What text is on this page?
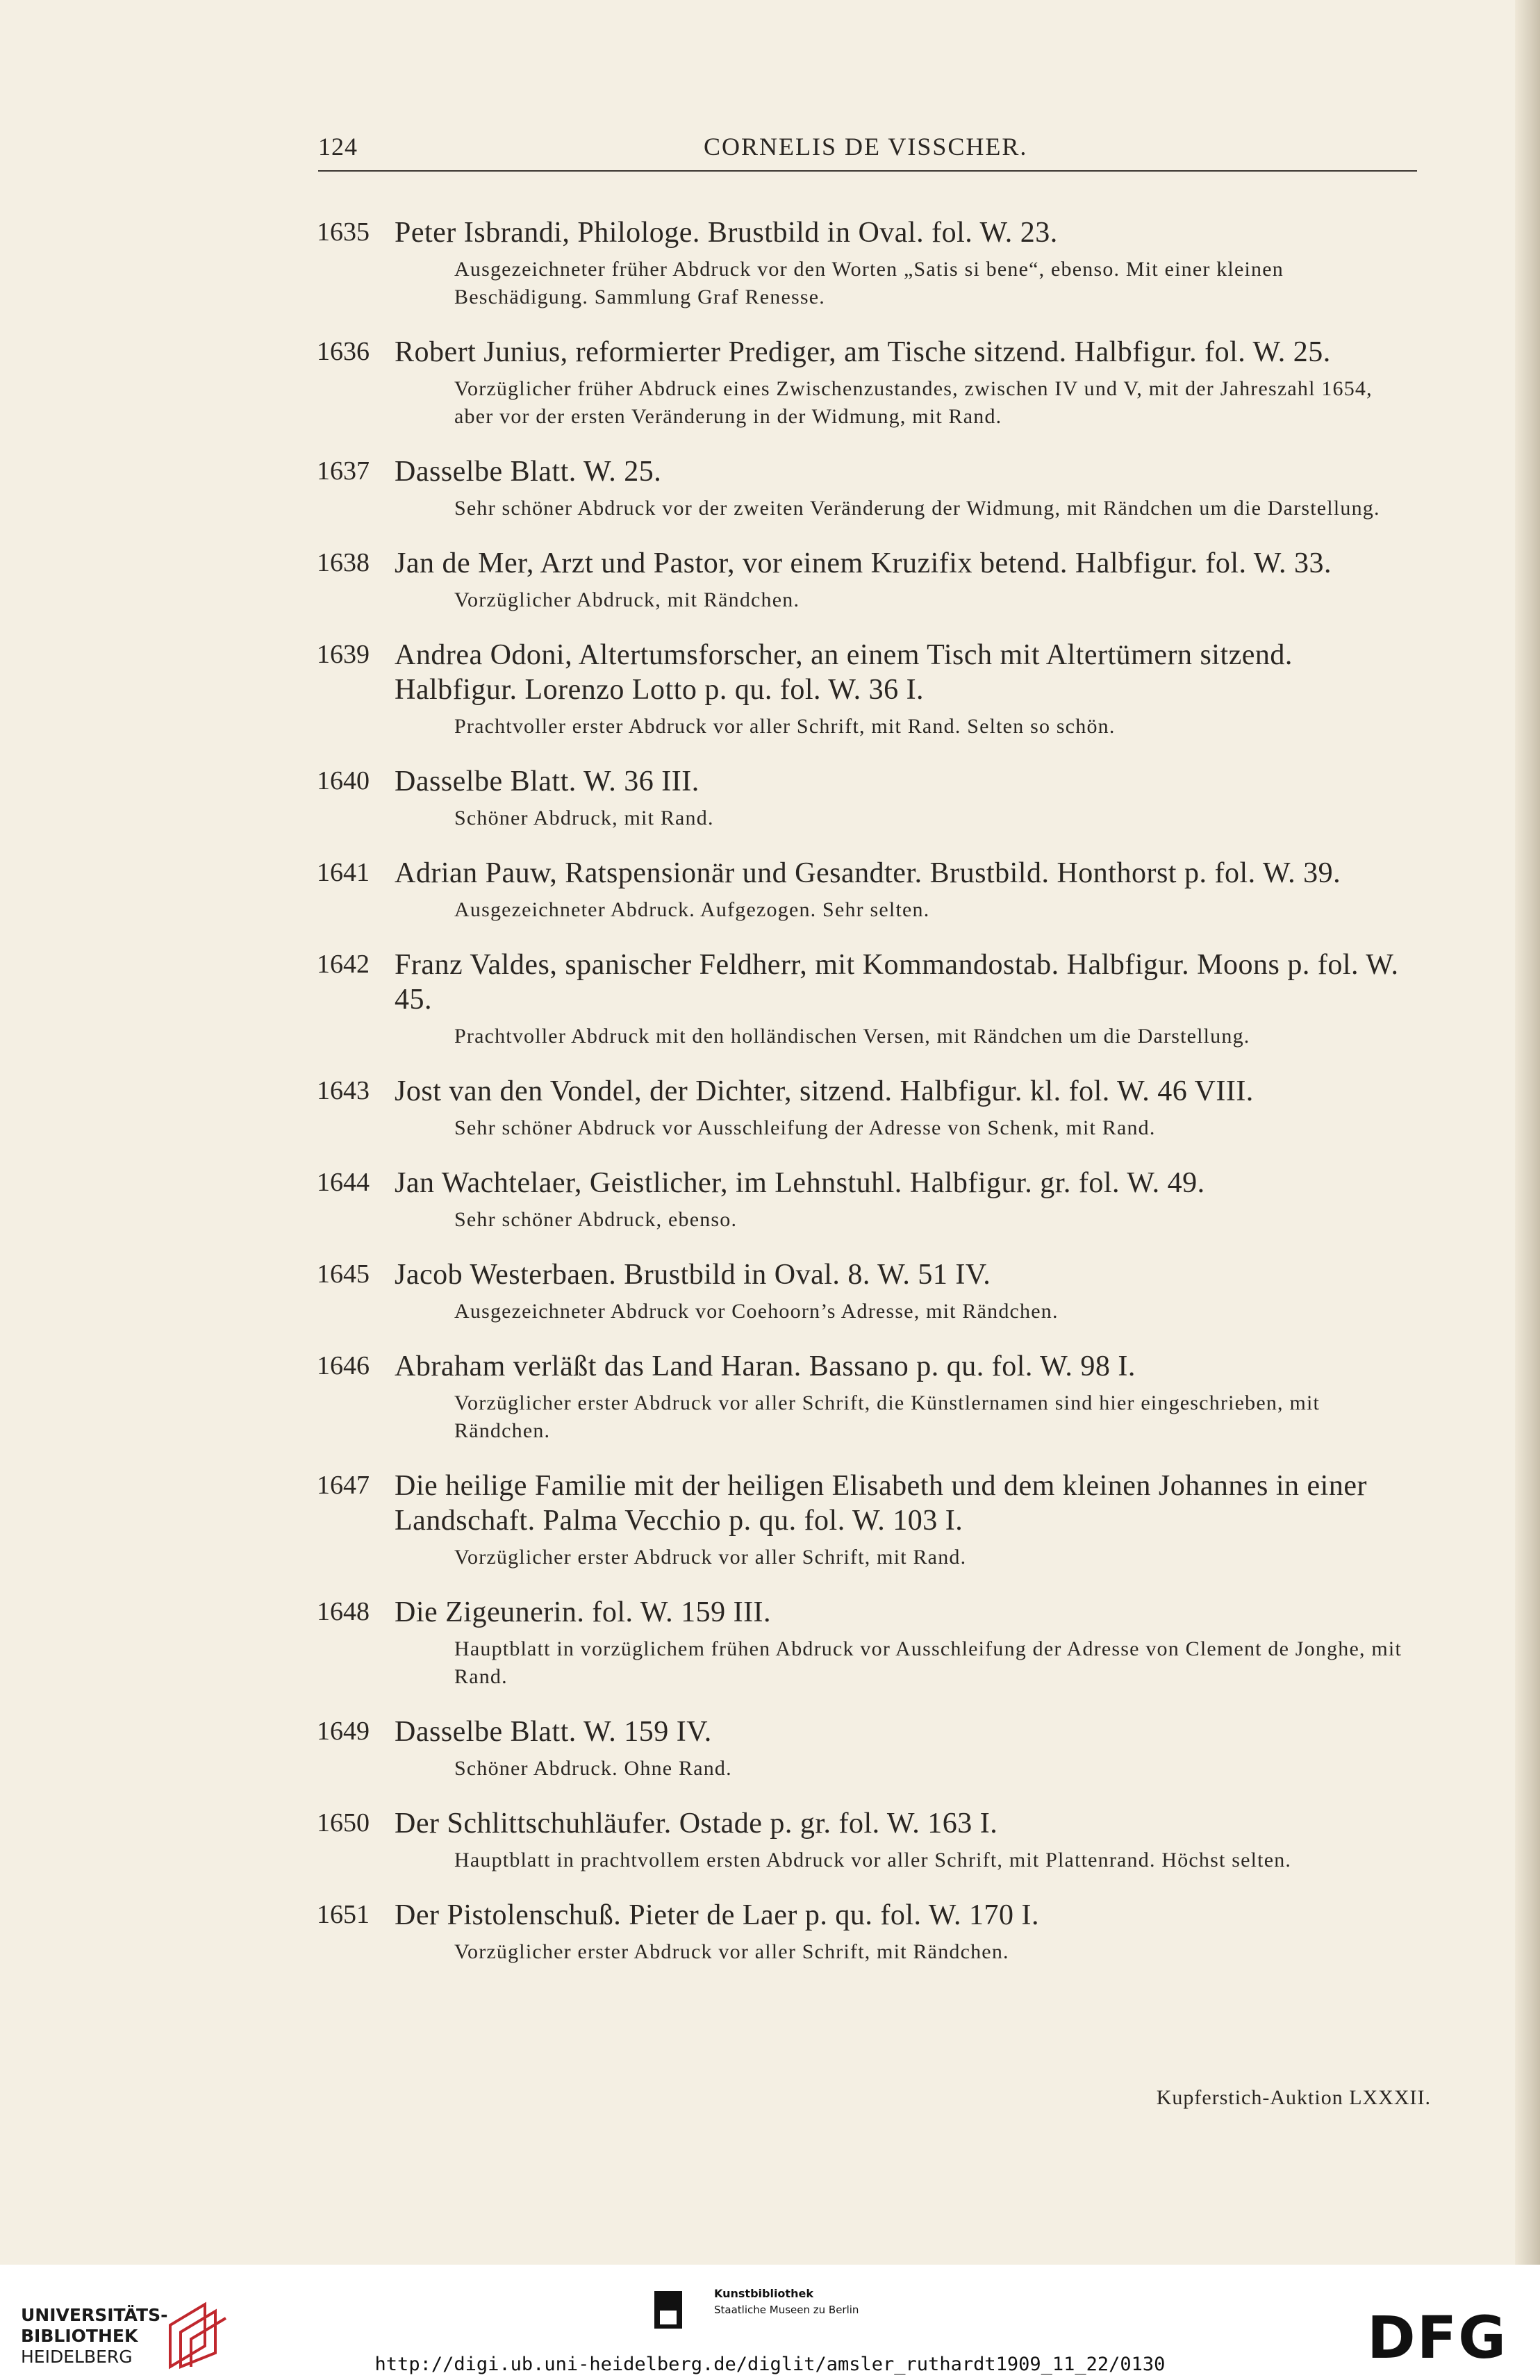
124	CORNELIS DE VISSCHER.
1635 Peter Isbrandi, Philologe. Brustbild in Oval. fol. W. 23.
Ausgezeichneter früher Abdruck vor den Worten „Satis si bene“, ebenso. Mit einer kleinen Beschädigung. Sammlung Graf Renesse.
1636 Robert Junius, reformierter Prediger, am Tische sitzend. Halbfigur. fol. W. 25.
Vorzüglicher früher Abdruck eines Zwischenzustandes, zwischen IV und V, mit der Jahreszahl 1654, aber vor der ersten Veränderung in der Widmung, mit Rand.
1637 Dasselbe Blatt. W. 25.
Sehr schöner Abdruck vor der zweiten Veränderung der Widmung, mit Rändchen um die Darstellung.
1638 Jan de Mer, Arzt und Pastor, vor einem Kruzifix betend. Halbfigur. fol. W. 33.
Vorzüglicher Abdruck, mit Rändchen.
1639 Andrea Odoni, Altertumsforscher, an einem Tisch mit Altertümern sitzend. Halbfigur. Lorenzo Lotto p. qu. fol. W. 36 I.
Prachtvoller erster Abdruck vor aller Schrift, mit Rand. Selten so schön.
1640 Dasselbe Blatt. W. 36 III.
Schöner Abdruck, mit Rand.
1641 Adrian Pauw, Ratspensionär und Gesandter. Brustbild. Honthorst p. fol. W. 39.
Ausgezeichneter Abdruck. Aufgezogen. Sehr selten.
1642 Franz Valdes, spanischer Feldherr, mit Kommandostab. Halbfigur. Moons p. fol. W. 45.
Prachtvoller Abdruck mit den holländischen Versen, mit Rändchen um die Darstellung.
1643 Jost van den Vondel, der Dichter, sitzend. Halbfigur. kl. fol. W. 46 VIII.
Sehr schöner Abdruck vor Ausschleifung der Adresse von Schenk, mit Rand.
1644 Jan Wachtelaer, Geistlicher, im Lehnstuhl. Halbfigur. gr. fol. W. 49.
Sehr schöner Abdruck, ebenso.
1645 Jacob Westerbaen. Brustbild in Oval. 8. W. 51 IV.
Ausgezeichneter Abdruck vor Coehoorn’s Adresse, mit Rändchen.
1646 Abraham verläßt das Land Haran. Bassano p. qu. fol. W. 98 I.
Vorzüglicher erster Abdruck vor aller Schrift, die Künstlernamen sind hier eingeschrieben, mit Rändchen.
1647 Die heilige Familie mit der heiligen Elisabeth und dem kleinen Johannes in einer Landschaft. Palma Vecchio p. qu. fol. W. 103 I.
Vorzüglicher erster Abdruck vor aller Schrift, mit Rand.
1648 Die Zigeunerin. fol. W. 159 III.
Hauptblatt in vorzüglichem frühen Abdruck vor Ausschleifung der Adresse von Clement de Jonghe, mit Rand.
1649 Dasselbe Blatt. W. 159 IV.
Schöner Abdruck. Ohne Rand.
1650 Der Schlittschuhläufer. Ostade p. gr. fol. W. 163 I.
Hauptblatt in prachtvollem ersten Abdruck vor aller Schrift, mit Plattenrand. Höchst selten.
1651 Der Pistolenschuß. Pieter de Laer p. qu. fol. W. 170 I.
Vorzüglicher erster Abdruck vor aller Schrift, mit Rändchen.
Kupferstich-Auktion LXXXII.
UNIVERSITÄTS-
BIBLIOTHEK
HEIDELBERG
Kunstbibliothek
Staatliche Museen zu Berlin	DFG
http://digi.ub.uni-heidelberg.de/diglit/amsler_ruthardt1909_11_22/0130
